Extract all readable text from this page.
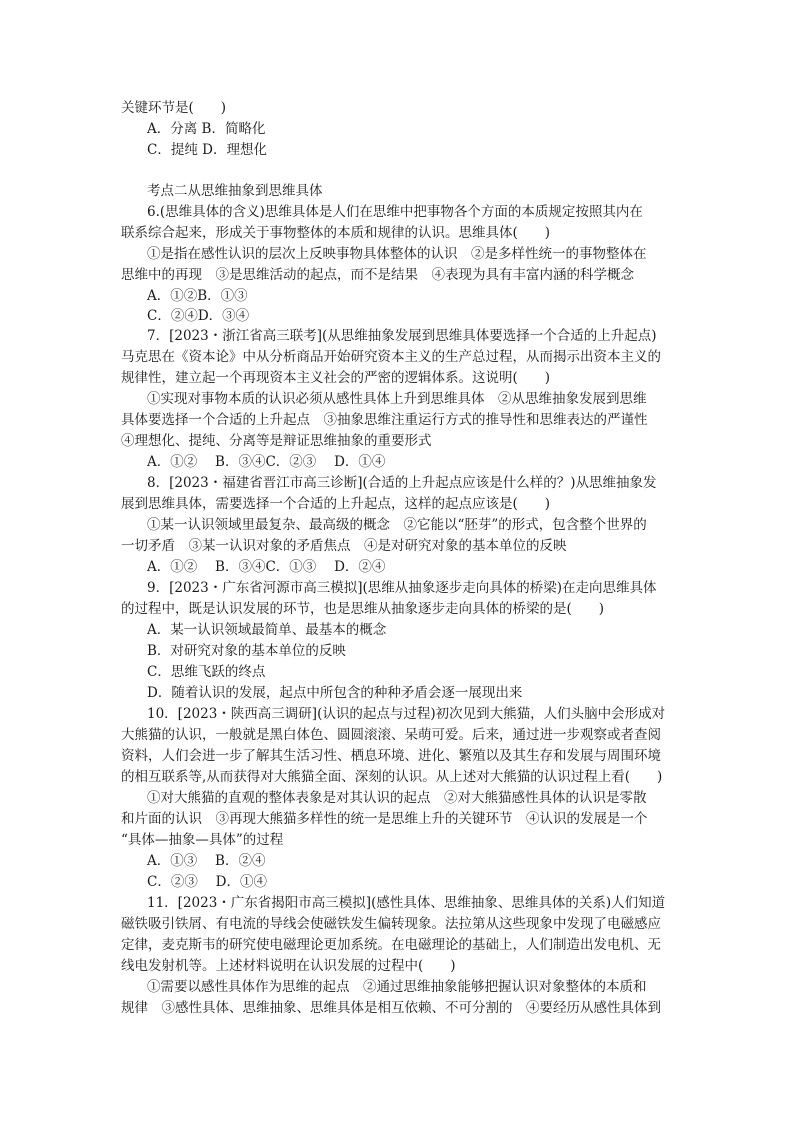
关键环节是(　　)
A．分离 B．简略化
C．提纯 D．理想化
考点二从思维抽象到思维具体
6.(思维具体的含义)思维具体是人们在思维中把事物各个方面的本质规定按照其内在
联系综合起来，形成关于事物整体的本质和规律的认识。思维具体(　　)
①是指在感性认识的层次上反映事物具体整体的认识　②是多样性统一的事物整体在
思维中的再现　③是思维活动的起点，而不是结果　④表现为具有丰富内涵的科学概念
A．①②B．①③
C．②④D．③④
7．[2023・浙江省高三联考](从思维抽象发展到思维具体要选择一个合适的上升起点)
马克思在《资本论》中从分析商品开始研究资本主义的生产总过程，从而揭示出资本主义的
规律性，建立起一个再现资本主义社会的严密的逻辑体系。这说明(　　)
①实现对事物本质的认识必须从感性具体上升到思维具体　②从思维抽象发展到思维
具体要选择一个合适的上升起点　③抽象思维注重运行方式的推导性和思维表达的严谨性
④理想化、提纯、分离等是辩证思维抽象的重要形式
A．①②　 B．③④C．②③　 D．①④
8．[2023・福建省晋江市高三诊断](合适的上升起点应该是什么样的？)从思维抽象发
展到思维具体，需要选择一个合适的上升起点，这样的起点应该是(　　)
①某一认识领域里最复杂、最高级的概念　②它能以“胚芽”的形式，包含整个世界的
一切矛盾　③某一认识对象的矛盾焦点　④是对研究对象的基本单位的反映
A．①②　 B．③④C．①③　 D．②④
9．[2023・广东省河源市高三模拟](思维从抽象逐步走向具体的桥梁)在走向思维具体
的过程中，既是认识发展的环节，也是思维从抽象逐步走向具体的桥梁的是(　　)
A．某一认识领域最简单、最基本的概念
B．对研究对象的基本单位的反映
C．思维飞跃的终点
D．随着认识的发展，起点中所包含的种种矛盾会逐一展现出来
10．[2023・陕西高三调研](认识的起点与过程)初次见到大熊猫，人们头脑中会形成对
大熊猫的认识，一般就是黑白体色、圆圆滚滚、呆萌可爱。后来，通过进一步观察或者查阅
资料，人们会进一步了解其生活习性、栖息环境、进化、繁殖以及其生存和发展与周围环境
的相互联系等,从而获得对大熊猫全面、深刻的认识。从上述对大熊猫的认识过程上看(　　)
①对大熊猫的直观的整体表象是对其认识的起点　②对大熊猫感性具体的认识是零散
和片面的认识　③再现大熊猫多样性的统一是思维上升的关键环节　④认识的发展是一个
“具体—抽象—具体”的过程
A．①③　 B．②④
C．②③　 D．①④
11．[2023・广东省揭阳市高三模拟](感性具体、思维抽象、思维具体的关系)人们知道
磁铁吸引铁屑、有电流的导线会使磁铁发生偏转现象。法拉第从这些现象中发现了电磁感应
定律，麦克斯韦的研究使电磁理论更加系统。在电磁理论的基础上，人们制造出发电机、无
线电发射机等。上述材料说明在认识发展的过程中(　　)
①需要以感性具体作为思维的起点　②通过思维抽象能够把握认识对象整体的本质和
规律　③感性具体、思维抽象、思维具体是相互依赖、不可分割的　④要经历从感性具体到
